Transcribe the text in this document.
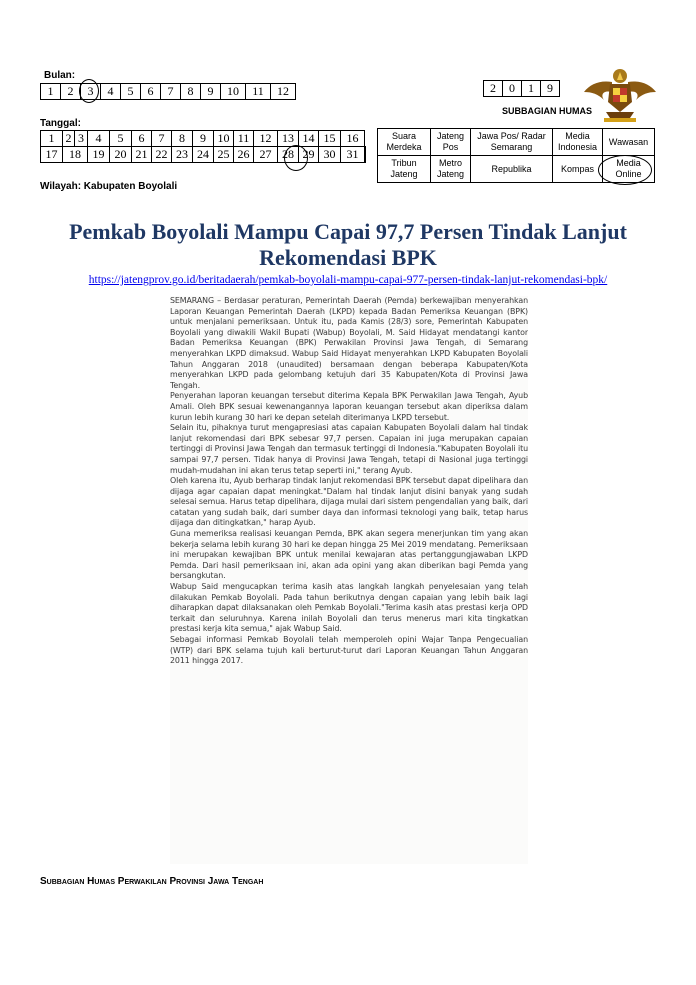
Bulan:
1	2	3	4	5	6	7	8	9	10	11	12
Tanggal:
1	2	3	4	5	6	7	8	9	10	11	12	13	14	15	16	
17	18		19	20	21	22	23	24	25	26	27	28	29	30	31	
Wilayah: Kabupaten Boyolali
2	0	1	9
SUBBAGIAN HUMAS
Suara Merdeka	Jateng Pos	Jawa Pos/ Radar Semarang	Media Indonesia	Wawasan
Tribun Jateng	Metro Jateng	Republika	Kompas	Media Online
Pemkab Boyolali Mampu Capai 97,7 Persen Tindak Lanjut Rekomendasi BPK
https://jatengprov.go.id/beritadaerah/pemkab-boyolali-mampu-capai-977-persen-tindak-lanjut-rekomendasi-bpk/

SEMARANG – Berdasar peraturan, Pemerintah Daerah (Pemda) berkewajiban menyerahkan Laporan Keuangan Pemerintah Daerah (LKPD) kepada Badan Pemeriksa Keuangan (BPK) untuk menjalani pemeriksaan. Untuk itu, pada Kamis (28/3) sore, Pemerintah Kabupaten Boyolali yang diwakili Wakil Bupati (Wabup) Boyolali, M. Said Hidayat mendatangi kantor Badan Pemeriksa Keuangan (BPK) Perwakilan Provinsi Jawa Tengah, di Semarang menyerahkan LKPD dimaksud. Wabup Said Hidayat menyerahkan LKPD Kabupaten Boyolali Tahun Anggaran 2018 (unaudited) bersamaan dengan beberapa Kabupaten/Kota menyerahkan LKPD pada gelombang ketujuh dari 35 Kabupaten/Kota di Provinsi Jawa Tengah.

Penyerahan laporan keuangan tersebut diterima Kepala BPK Perwakilan Jawa Tengah, Ayub Amali. Oleh BPK sesuai kewenangannya laporan keuangan tersebut akan diperiksa dalam kurun lebih kurang 30 hari ke depan setelah diterimanya LKPD tersebut.

Selain itu, pihaknya turut mengapresiasi atas capaian Kabupaten Boyolali dalam hal tindak lanjut rekomendasi dari BPK sebesar 97,7 persen. Capaian ini juga merupakan capaian tertinggi di Provinsi Jawa Tengah dan termasuk tertinggi di Indonesia."Kabupaten Boyolali itu sampai 97,7 persen. Tidak hanya di Provinsi Jawa Tengah, tetapi di Nasional juga tertinggi mudah-mudahan ini akan terus tetap seperti ini," terang Ayub.

Oleh karena itu, Ayub berharap tindak lanjut rekomendasi BPK tersebut dapat dipelihara dan dijaga agar capaian dapat meningkat."Dalam hal tindak lanjut disini banyak yang sudah selesai semua. Harus tetap dipelihara, dijaga mulai dari sistem pengendalian yang baik, dari catatan yang sudah baik, dari sumber daya dan informasi teknologi yang baik, tetap harus dijaga dan ditingkatkan," harap Ayub.

Guna memeriksa realisasi keuangan Pemda, BPK akan segera menerjunkan tim yang akan bekerja selama lebih kurang 30 hari ke depan hingga 25 Mei 2019 mendatang. Pemeriksaan ini merupakan kewajiban BPK untuk menilai kewajaran atas pertanggungjawaban LKPD Pemda. Dari hasil pemeriksaan ini, akan ada opini yang akan diberikan bagi Pemda yang bersangkutan.

Wabup Said mengucapkan terima kasih atas langkah langkah penyelesaian yang telah dilakukan Pemkab Boyolali. Pada tahun berikutnya dengan capaian yang lebih baik lagi diharapkan dapat dilaksanakan oleh Pemkab Boyolali."Terima kasih atas prestasi kerja OPD terkait dan seluruhnya. Karena inilah Boyolali dan terus menerus mari kita tingkatkan prestasi kerja kita semua," ajak Wabup Said.

Sebagai informasi Pemkab Boyolali telah memperoleh opini Wajar Tanpa Pengecualian (WTP) dari BPK selama tujuh kali berturut-turut dari Laporan Keuangan Tahun Anggaran 2011 hingga 2017.

Subbagian Humas Perwakilan Provinsi Jawa Tengah
